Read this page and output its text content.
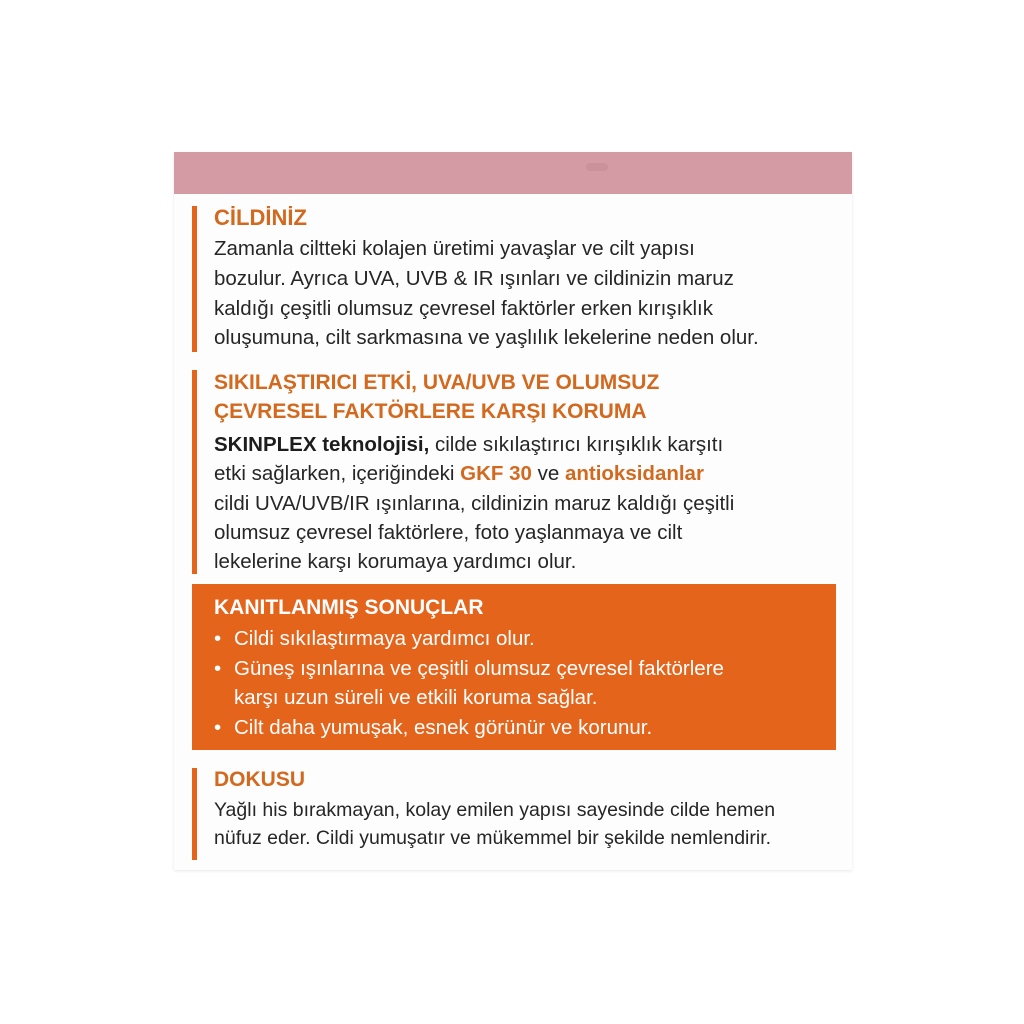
CİLDİNİZ

Zamanla ciltteki kolajen üretimi yavaşlar ve cilt yapısı

bozulur. Ayrıca UVA, UVB & IR ışınları ve cildinizin maruz

kaldığı çeşitli olumsuz çevresel faktörler erken kırışıklık

oluşumuna, cilt sarkmasına ve yaşlılık lekelerine neden olur.

SIKILAŞTIRICI ETKİ, UVA/UVB VE OLUMSUZ
ÇEVRESEL FAKTÖRLERE KARŞI KORUMA

SKINPLEX teknolojisi, cilde sıkılaştırıcı kırışıklık karşıtı

etki sağlarken, içeriğindeki GKF 30 ve antioksidanlar

cildi UVA/UVB/IR ışınlarına, cildinizin maruz kaldığı çeşitli

olumsuz çevresel faktörlere, foto yaşlanmaya ve cilt

lekelerine karşı korumaya yardımcı olur.

KANITLANMIŞ SONUÇLAR
• Cildi sıkılaştırmaya yardımcı olur.
• Güneş ışınlarına ve çeşitli olumsuz çevresel faktörlere
karşı uzun süreli ve etkili koruma sağlar.
• Cilt daha yumuşak, esnek görünür ve korunur.
DOKUSU

Yağlı his bırakmayan, kolay emilen yapısı sayesinde cilde hemen

nüfuz eder. Cildi yumuşatır ve mükemmel bir şekilde nemlendirir.
